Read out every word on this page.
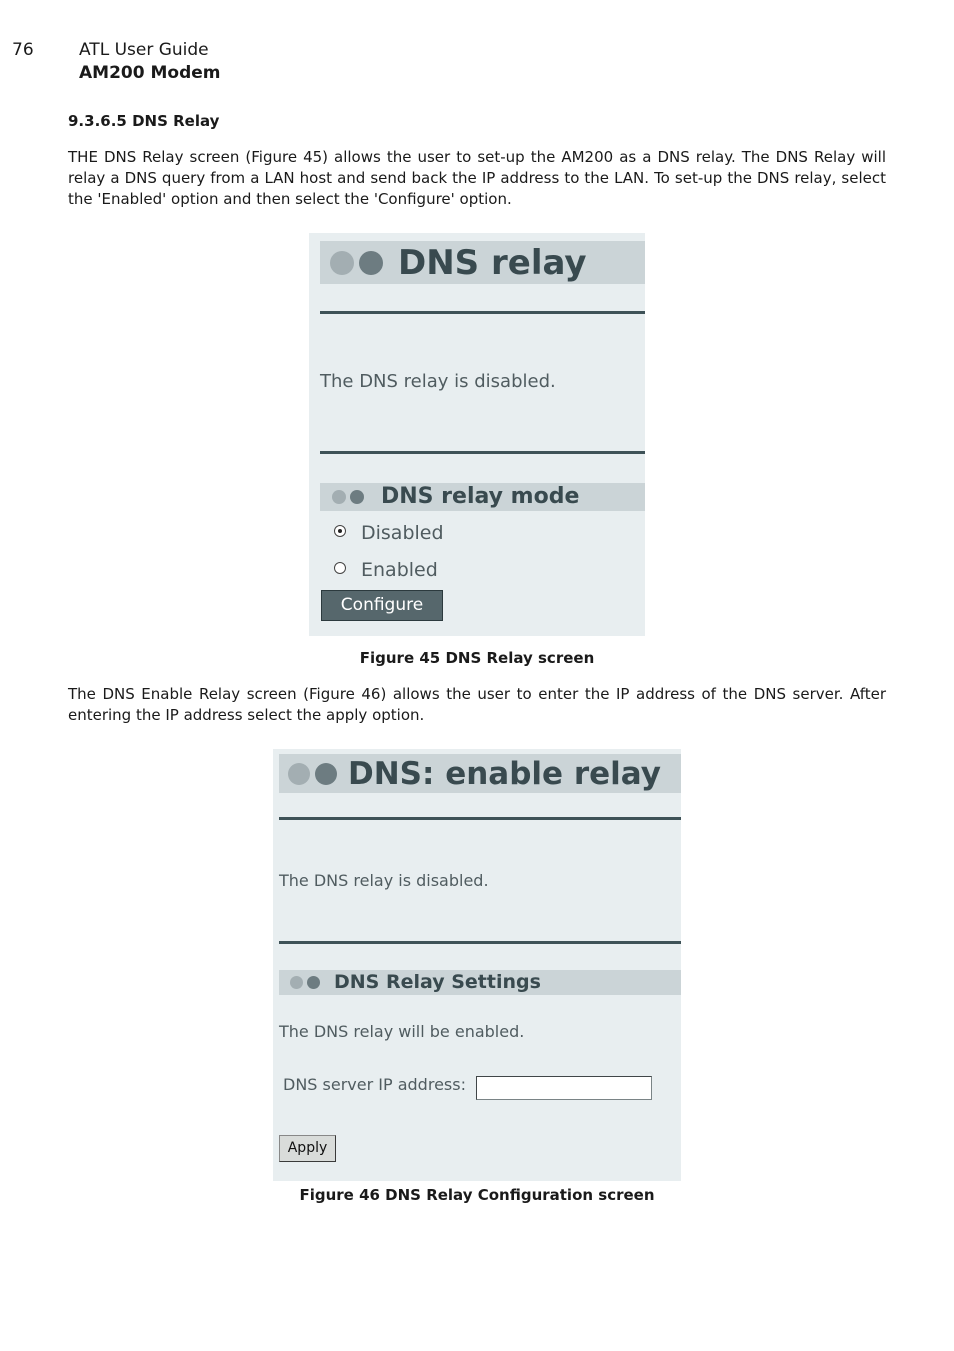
76	ATL User Guide
AM200 Modem
9.3.6.5 DNS Relay
THE DNS Relay screen (Figure 45) allows the user to set-up the AM200 as a DNS relay. The DNS Relay will relay a DNS query from a LAN host and send back the IP address to the LAN. To set-up the DNS relay, select the 'Enabled' option and then select the 'Configure' option.
DNS relay
The DNS relay is disabled.
DNS relay mode
Disabled
Enabled
Configure
Figure 45 DNS Relay screen
The DNS Enable Relay screen (Figure 46) allows the user to enter the IP address of the DNS server. After entering the IP address select the apply option.
DNS: enable relay
The DNS relay is disabled.
DNS Relay Settings
The DNS relay will be enabled.
DNS server IP address:
Apply
Figure 46 DNS Relay Configuration screen
